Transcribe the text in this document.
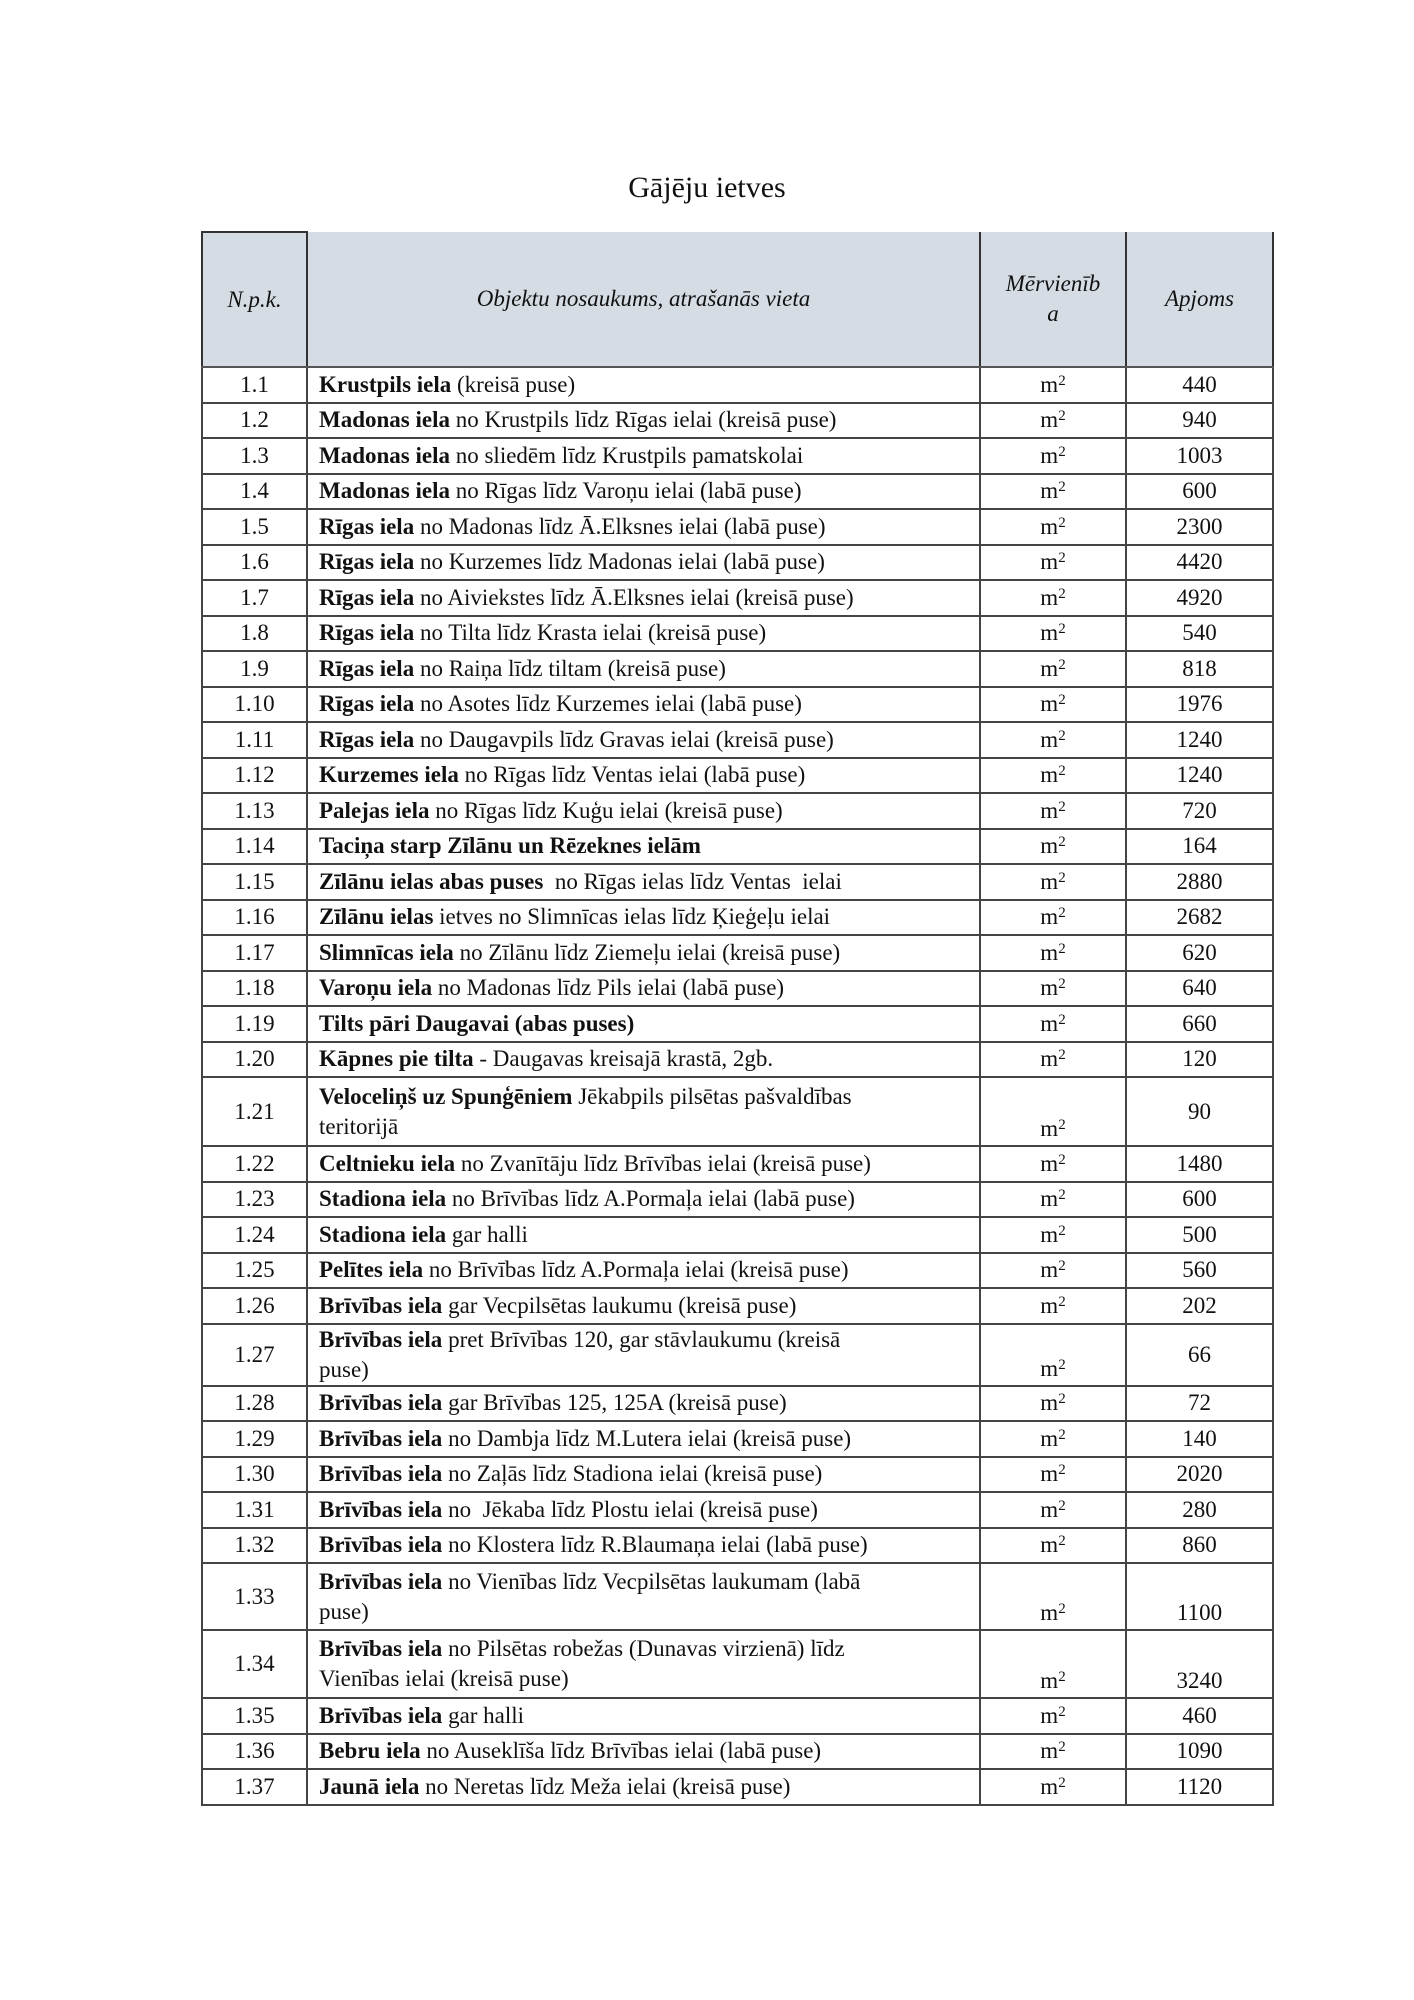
Gājēju ietves
N.p.k.	Objektu nosaukums, atrašanās vieta	Mērvienīb
a	Apjoms
1.1	Krustpils iela (kreisā puse)	$m^2$	440
1.2	Madonas iela no Krustpils līdz Rīgas ielai (kreisā puse)	$m^2$	940
1.3	Madonas iela no sliedēm līdz Krustpils pamatskolai	$m^2$	1003
1.4	Madonas iela no Rīgas līdz Varoņu ielai (labā puse)	$m^2$	600
1.5	Rīgas iela no Madonas līdz Ā.Elksnes ielai (labā puse)	$m^2$	2300
1.6	Rīgas iela no Kurzemes līdz Madonas ielai (labā puse)	$m^2$	4420
1.7	Rīgas iela no Aiviekstes līdz Ā.Elksnes ielai (kreisā puse)	$m^2$	4920
1.8	Rīgas iela no Tilta līdz Krasta ielai (kreisā puse)	$m^2$	540
1.9	Rīgas iela no Raiņa līdz tiltam (kreisā puse)	$m^2$	818
1.10	Rīgas iela no Asotes līdz Kurzemes ielai (labā puse)	$m^2$	1976
1.11	Rīgas iela no Daugavpils līdz Gravas ielai (kreisā puse)	$m^2$	1240
1.12	Kurzemes iela no Rīgas līdz Ventas ielai (labā puse)	$m^2$	1240
1.13	Palejas iela no Rīgas līdz Kuģu ielai (kreisā puse)	$m^2$	720
1.14	Taciņa starp Zīlānu un Rēzeknes ielām	$m^2$	164
1.15	Zīlānu ielas abas puses  no Rīgas ielas līdz Ventas  ielai	$m^2$	2880
1.16	Zīlānu ielas ietves no Slimnīcas ielas līdz Ķieģeļu ielai	$m^2$	2682
1.17	Slimnīcas iela no Zīlānu līdz Ziemeļu ielai (kreisā puse)	$m^2$	620
1.18	Varoņu iela no Madonas līdz Pils ielai (labā puse)	$m^2$	640
1.19	Tilts pāri Daugavai (abas puses)	$m^2$	660
1.20	Kāpnes pie tilta - Daugavas kreisajā krastā, 2gb.	$m^2$	120
1.21	Veloceliņš uz Spunģēniem Jēkabpils pilsētas pašvaldības
teritorijā	$m^2$	90
1.22	Celtnieku iela no Zvanītāju līdz Brīvības ielai (kreisā puse)	$m^2$	1480
1.23	Stadiona iela no Brīvības līdz A.Pormaļa ielai (labā puse)	$m^2$	600
1.24	Stadiona iela gar halli	$m^2$	500
1.25	Pelītes iela no Brīvības līdz A.Pormaļa ielai (kreisā puse)	$m^2$	560
1.26	Brīvības iela gar Vecpilsētas laukumu (kreisā puse)	$m^2$	202
1.27	Brīvības iela pret Brīvības 120, gar stāvlaukumu (kreisā
puse)	$m^2$	66
1.28	Brīvības iela gar Brīvības 125, 125A (kreisā puse)	$m^2$	72
1.29	Brīvības iela no Dambja līdz M.Lutera ielai (kreisā puse)	$m^2$	140
1.30	Brīvības iela no Zaļās līdz Stadiona ielai (kreisā puse)	$m^2$	2020
1.31	Brīvības iela no  Jēkaba līdz Plostu ielai (kreisā puse)	$m^2$	280
1.32	Brīvības iela no Klostera līdz R.Blaumaņa ielai (labā puse)	$m^2$	860
1.33	Brīvības iela no Vienības līdz Vecpilsētas laukumam (labā
puse)	$m^2$	1100
1.34	Brīvības iela no Pilsētas robežas (Dunavas virzienā) līdz
Vienības ielai (kreisā puse)	$m^2$	3240
1.35	Brīvības iela gar halli	$m^2$	460
1.36	Bebru iela no Auseklīša līdz Brīvības ielai (labā puse)	$m^2$	1090
1.37	Jaunā iela no Neretas līdz Meža ielai (kreisā puse)	$m^2$	1120
